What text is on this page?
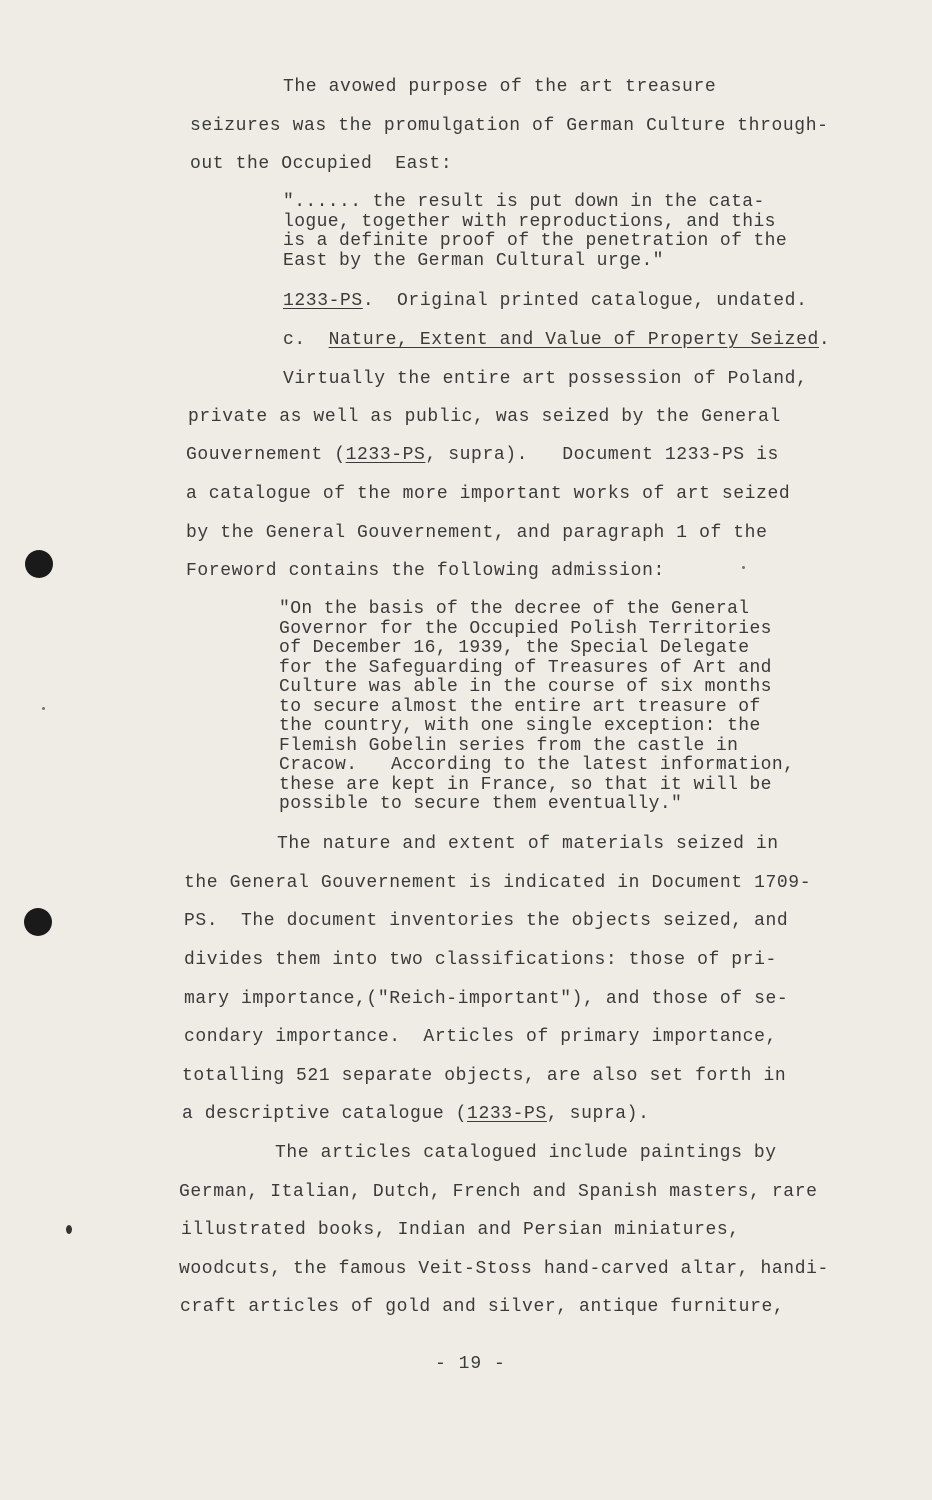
The avowed purpose of the art treasure
seizures was the promulgation of German Culture through-
out the Occupied  East:
"...... the result is put down in the cata-
logue, together with reproductions, and this
is a definite proof of the penetration of the
East by the German Cultural urge."
1233-PS.  Original printed catalogue, undated.
c.  Nature, Extent and Value of Property Seized.
Virtually the entire art possession of Poland,
private as well as public, was seized by the General
Gouvernement (1233-PS, supra).   Document 1233-PS is
a catalogue of the more important works of art seized
by the General Gouvernement, and paragraph 1 of the
Foreword contains the following admission:
"On the basis of the decree of the General
Governor for the Occupied Polish Territories
of December 16, 1939, the Special Delegate
for the Safeguarding of Treasures of Art and
Culture was able in the course of six months
to secure almost the entire art treasure of
the country, with one single exception: the
Flemish Gobelin series from the castle in
Cracow.   According to the latest information,
these are kept in France, so that it will be
possible to secure them eventually."
The nature and extent of materials seized in
the General Gouvernement is indicated in Document 1709-
PS.  The document inventories the objects seized, and
divides them into two classifications: those of pri-
mary importance,("Reich-important"), and those of se-
condary importance.  Articles of primary importance,
totalling 521 separate objects, are also set forth in
a descriptive catalogue (1233-PS, supra).
The articles catalogued include paintings by
German, Italian, Dutch, French and Spanish masters, rare
illustrated books, Indian and Persian miniatures,
woodcuts, the famous Veit-Stoss hand-carved altar, handi-
craft articles of gold and silver, antique furniture,
- 19 -
